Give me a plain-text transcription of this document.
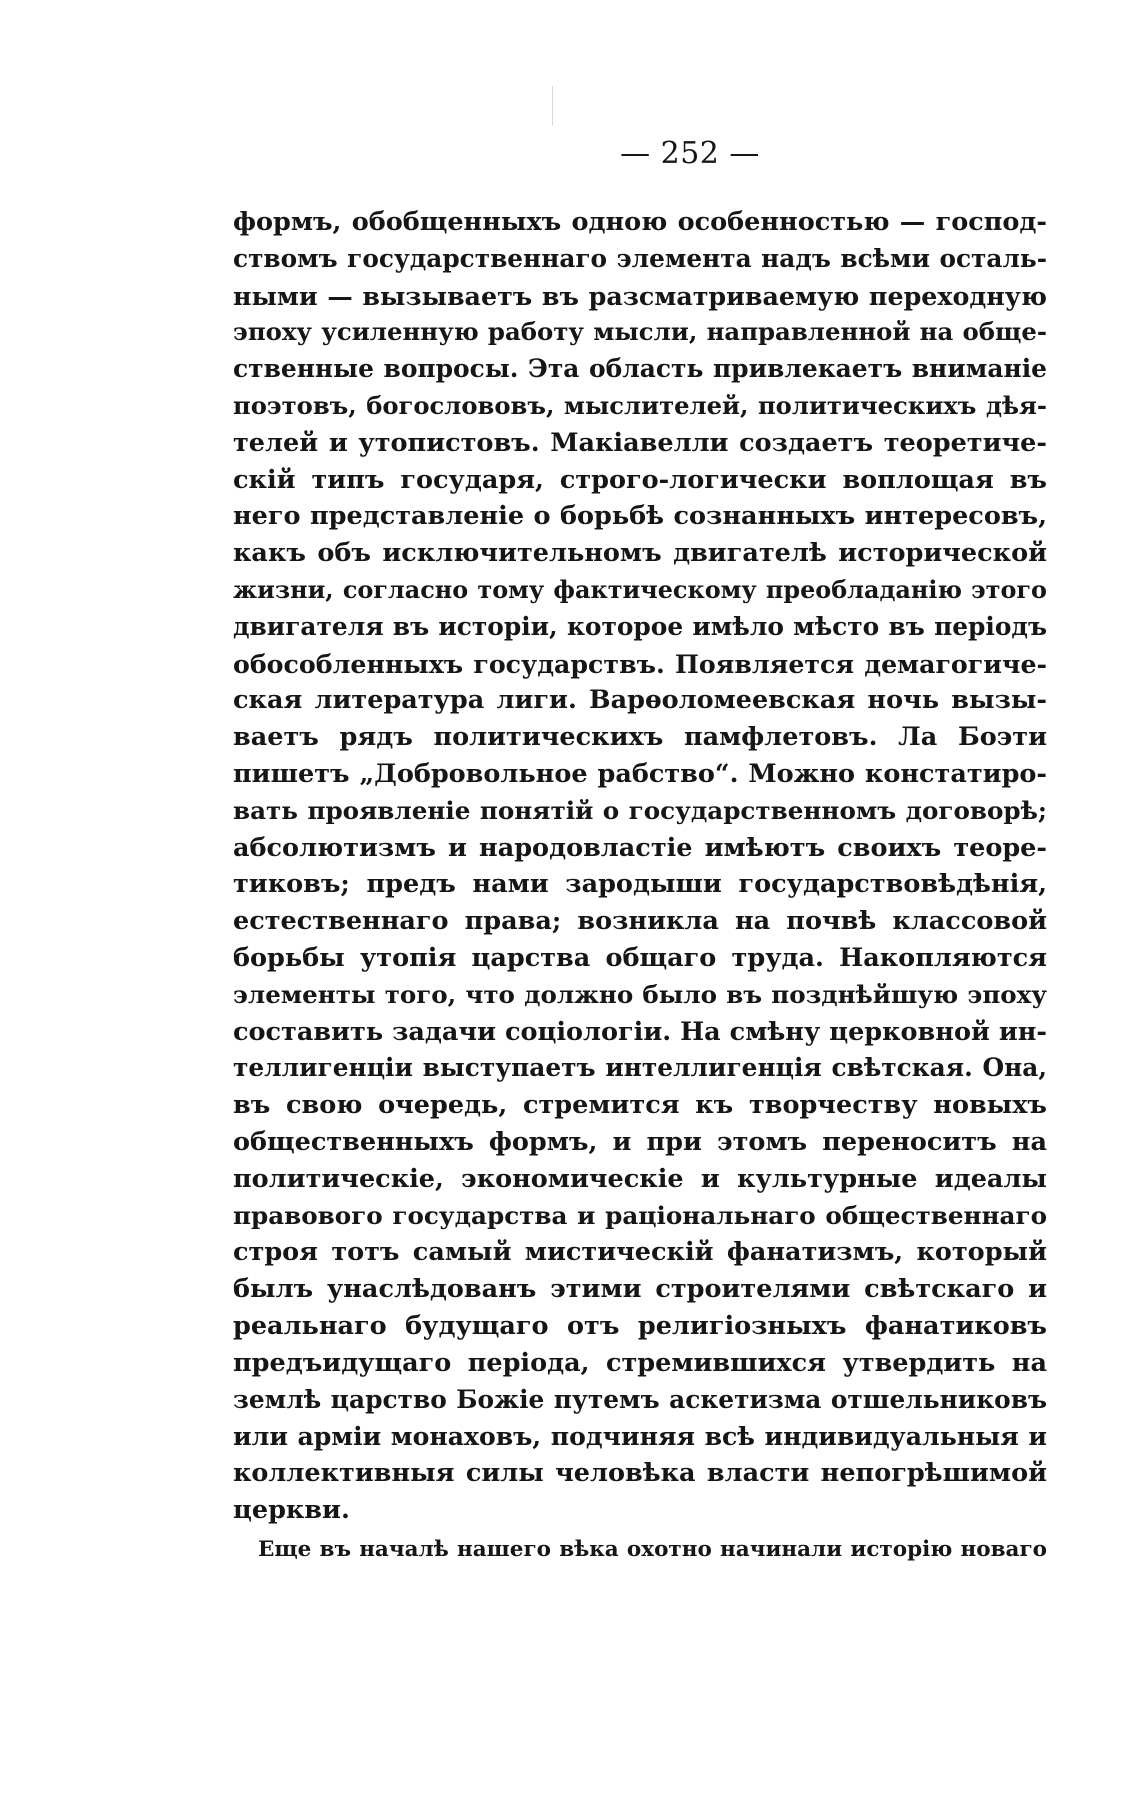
— 252 —
формъ, обобщенныхъ одною особенностью — господ-
ствомъ государственнаго элемента надъ всѣми осталь-
ными — вызываетъ въ разсматриваемую переходную
эпоху усиленную работу мысли, направленной на обще-
ственные вопросы. Эта область привлекаетъ вниманіе
поэтовъ, богослововъ, мыслителей, политическихъ дѣя-
телей и утопистовъ. Макіавелли создаетъ теоретиче-
скій типъ государя, строго-логически воплощая въ
него представленіе о борьбѣ сознанныхъ интересовъ,
какъ объ исключительномъ двигателѣ исторической
жизни, согласно тому фактическому преобладанію этого
двигателя въ исторіи, которое имѣло мѣсто въ періодъ
обособленныхъ государствъ. Появляется демагогиче-
ская литература лиги. Варѳоломеевская ночь вызы-
ваетъ рядъ политическихъ памфлетовъ. Ла Боэти
пишетъ „Добровольное рабство“. Можно констатиро-
вать проявленіе понятій о государственномъ договорѣ;
абсолютизмъ и народовластіе имѣютъ своихъ теоре-
тиковъ; предъ нами зародыши государствовѣдѣнія,
естественнаго права; возникла на почвѣ классовой
борьбы утопія царства общаго труда. Накопляются
элементы того, что должно было въ позднѣйшую эпоху
составить задачи соціологіи. На смѣну церковной ин-
теллигенціи выступаетъ интеллигенція свѣтская. Она,
въ свою очередь, стремится къ творчеству новыхъ
общественныхъ формъ, и при этомъ переноситъ на
политическіе, экономическіе и культурные идеалы
правового государства и раціональнаго общественнаго
строя тотъ самый мистическій фанатизмъ, который
былъ унаслѣдованъ этими строителями свѣтскаго и
реальнаго будущаго отъ религіозныхъ фанатиковъ
предъидущаго періода, стремившихся утвердить на
землѣ царство Божіе путемъ аскетизма отшельниковъ
или арміи монаховъ, подчиняя всѣ индивидуальныя и
коллективныя силы человѣка власти непогрѣшимой
церкви.
Еще въ началѣ нашего вѣка охотно начинали исторію новаго
